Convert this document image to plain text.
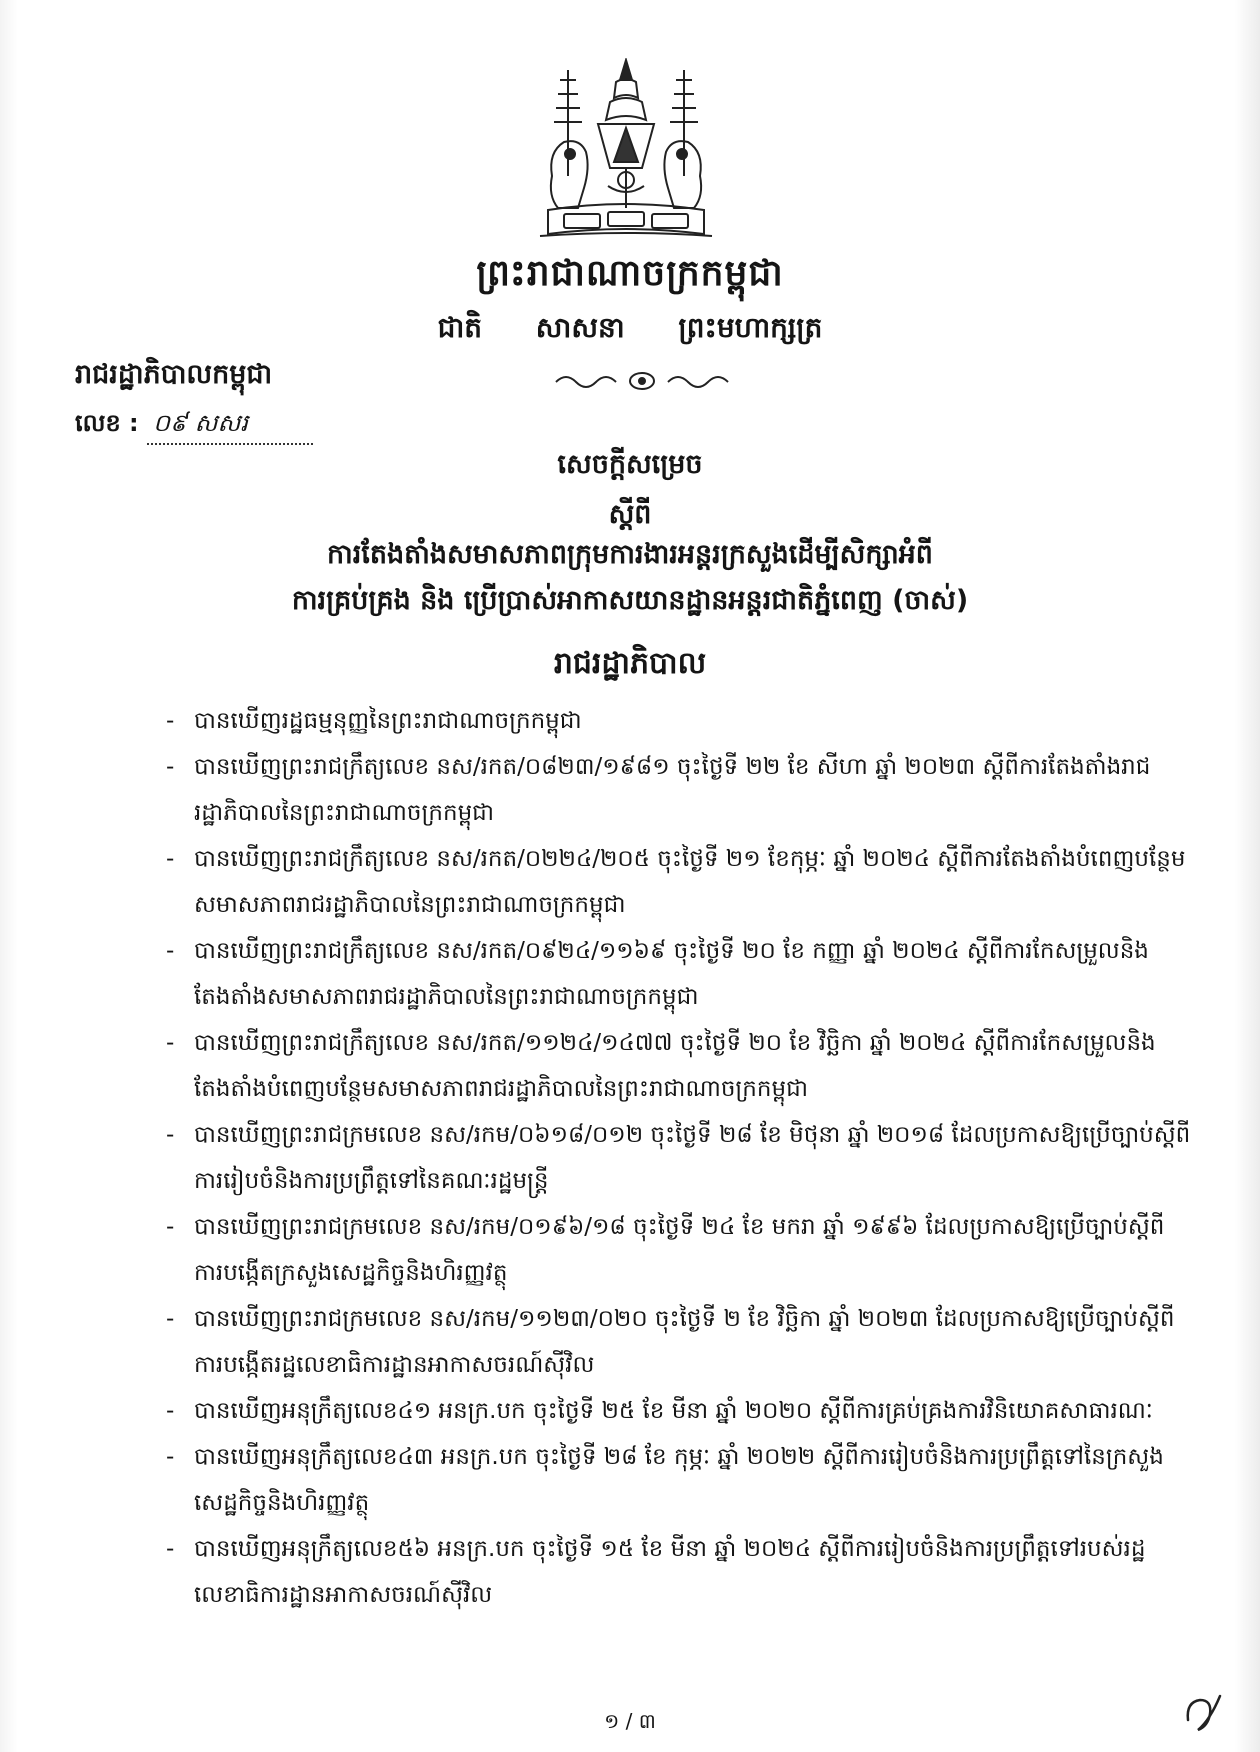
ព្រះរាជាណាចក្រកម្ពុជា
ជាតិ សាសនា ព្រះមហាក្សត្រ
រាជរដ្ឋាភិបាលកម្ពុជា
លេខ : ០៩ សសរ
សេចក្តីសម្រេច
ស្តីពី
ការតែងតាំងសមាសភាពក្រុមការងារអន្តរក្រសួងដើម្បីសិក្សាអំពី
ការគ្រប់គ្រង និង ប្រើប្រាស់អាកាសយានដ្ឋានអន្តរជាតិភ្នំពេញ (ចាស់)
រាជរដ្ឋាភិបាល
- បានឃើញរដ្ឋធម្មនុញ្ញនៃព្រះរាជាណាចក្រកម្ពុជា
- បានឃើញព្រះរាជក្រឹត្យលេខ នស/រកត/០៨២៣/១៩៨១ ចុះថ្ងៃទី ២២ ខែ សីហា ឆ្នាំ ២០២៣ ស្តីពីការតែងតាំងរាជរដ្ឋាភិបាលនៃព្រះរាជាណាចក្រកម្ពុជា
- បានឃើញព្រះរាជក្រឹត្យលេខ នស/រកត/០២២៤/២០៥ ចុះថ្ងៃទី ២១ ខែកុម្ភៈ ឆ្នាំ ២០២៤ ស្តីពីការតែងតាំងបំពេញបន្ថែមសមាសភាពរាជរដ្ឋាភិបាលនៃព្រះរាជាណាចក្រកម្ពុជា
- បានឃើញព្រះរាជក្រឹត្យលេខ នស/រកត/០៩២៤/១១៦៩ ចុះថ្ងៃទី ២០ ខែ កញ្ញា ឆ្នាំ ២០២៤ ស្តីពីការកែសម្រួលនិងតែងតាំងសមាសភាពរាជរដ្ឋាភិបាលនៃព្រះរាជាណាចក្រកម្ពុជា
- បានឃើញព្រះរាជក្រឹត្យលេខ នស/រកត/១១២៤/១៤៧៧ ចុះថ្ងៃទី ២០ ខែ វិច្ឆិកា ឆ្នាំ ២០២៤ ស្តីពីការកែសម្រួលនិងតែងតាំងបំពេញបន្ថែមសមាសភាពរាជរដ្ឋាភិបាលនៃព្រះរាជាណាចក្រកម្ពុជា
- បានឃើញព្រះរាជក្រមលេខ នស/រកម/០៦១៨/០១២ ចុះថ្ងៃទី ២៨ ខែ មិថុនា ឆ្នាំ ២០១៨ ដែលប្រកាសឱ្យប្រើច្បាប់ស្តីពីការរៀបចំនិងការប្រព្រឹត្តទៅនៃគណៈរដ្ឋមន្ត្រី
- បានឃើញព្រះរាជក្រមលេខ នស/រកម/០១៩៦/១៨ ចុះថ្ងៃទី ២៤ ខែ មករា ឆ្នាំ ១៩៩៦ ដែលប្រកាសឱ្យប្រើច្បាប់ស្តីពីការបង្កើតក្រសួងសេដ្ឋកិច្ចនិងហិរញ្ញវត្ថុ
- បានឃើញព្រះរាជក្រមលេខ នស/រកម/១១២៣/០២០ ចុះថ្ងៃទី ២ ខែ វិច្ឆិកា ឆ្នាំ ២០២៣ ដែលប្រកាសឱ្យប្រើច្បាប់ស្តីពីការបង្កើតរដ្ឋលេខាធិការដ្ឋានអាកាសចរណ៍ស៊ីវិល
- បានឃើញអនុក្រឹត្យលេខ៤១ អនក្រ.បក ចុះថ្ងៃទី ២៥ ខែ មីនា ឆ្នាំ ២០២០ ស្តីពីការគ្រប់គ្រងការវិនិយោគសាធារណៈ
- បានឃើញអនុក្រឹត្យលេខ៤៣ អនក្រ.បក ចុះថ្ងៃទី ២៨ ខែ កុម្ភៈ ឆ្នាំ ២០២២ ស្តីពីការរៀបចំនិងការប្រព្រឹត្តទៅនៃក្រសួងសេដ្ឋកិច្ចនិងហិរញ្ញវត្ថុ
- បានឃើញអនុក្រឹត្យលេខ៥៦ អនក្រ.បក ចុះថ្ងៃទី ១៥ ខែ មីនា ឆ្នាំ ២០២៤ ស្តីពីការរៀបចំនិងការប្រព្រឹត្តទៅរបស់រដ្ឋលេខាធិការដ្ឋានអាកាសចរណ៍ស៊ីវិល
១ / ៣
